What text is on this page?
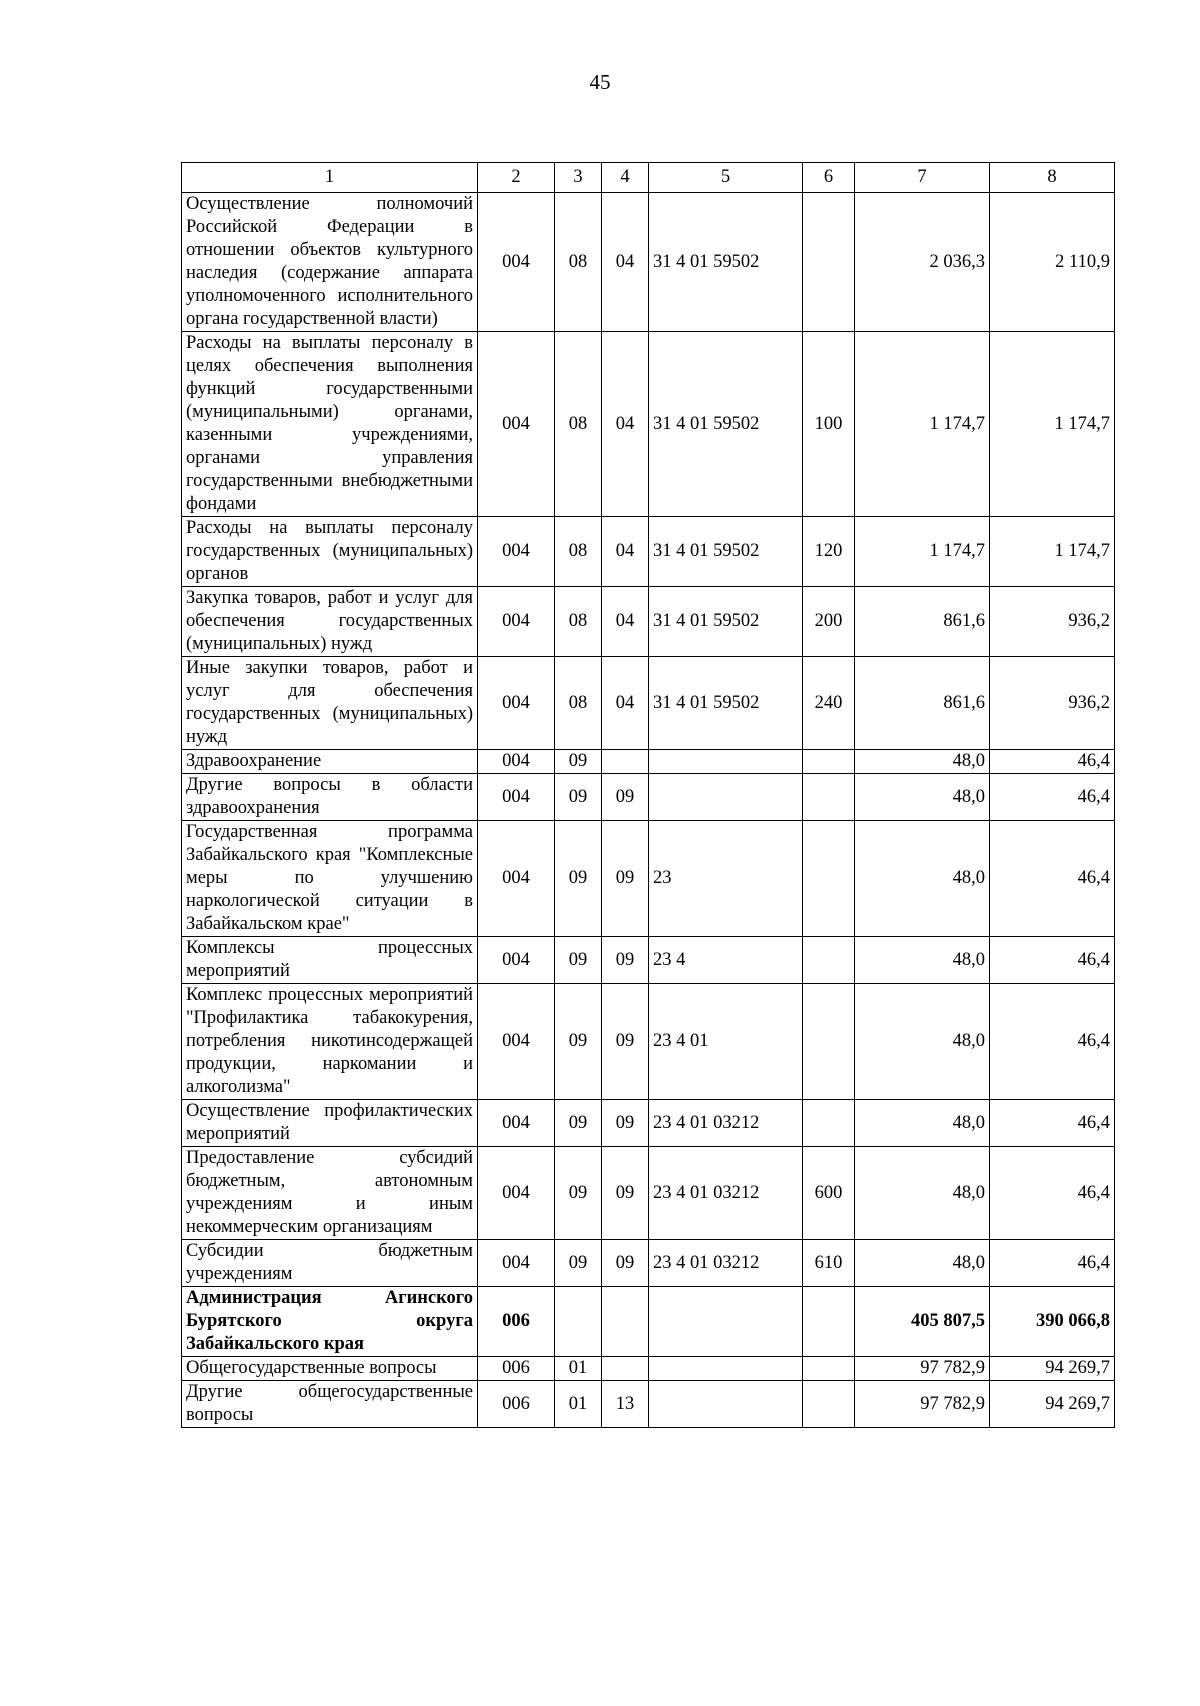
45
1	2	3	4	5	6	7	8
Осуществление полномочий Российской Федерации в отношении объектов культурного наследия (содержание аппарата уполномоченного исполнительного органа государственной власти)	004	08	04	31 4 01 59502		2 036,3	2 110,9
Расходы на выплаты персоналу в целях обеспечения выполнения функций государственными (муниципальными) органами, казенными учреждениями, органами управления государственными внебюджетными фондами	004	08	04	31 4 01 59502	100	1 174,7	1 174,7
Расходы на выплаты персоналу государственных (муниципальных) органов	004	08	04	31 4 01 59502	120	1 174,7	1 174,7
Закупка товаров, работ и услуг для обеспечения государственных (муниципальных) нужд	004	08	04	31 4 01 59502	200	861,6	936,2
Иные закупки товаров, работ и услуг для обеспечения государственных (муниципальных) нужд	004	08	04	31 4 01 59502	240	861,6	936,2
Здравоохранение	004	09				48,0	46,4
Другие вопросы в области здравоохранения	004	09	09			48,0	46,4
Государственная программа Забайкальского края "Комплексные меры по улучшению наркологической ситуации в Забайкальском крае"	004	09	09	23		48,0	46,4
Комплексы процессных мероприятий	004	09	09	23 4		48,0	46,4
Комплекс процессных мероприятий "Профилактика табакокурения, потребления никотинсодержащей продукции, наркомании и алкоголизма"	004	09	09	23 4 01		48,0	46,4
Осуществление профилактических мероприятий	004	09	09	23 4 01 03212		48,0	46,4
Предоставление субсидий бюджетным, автономным учреждениям и иным некоммерческим организациям	004	09	09	23 4 01 03212	600	48,0	46,4
Субсидии бюджетным учреждениям	004	09	09	23 4 01 03212	610	48,0	46,4
Администрация Агинского Бурятского округа Забайкальского края	006					405 807,5	390 066,8
Общегосударственные вопросы	006	01				97 782,9	94 269,7
Другие общегосударственные вопросы	006	01	13			97 782,9	94 269,7
